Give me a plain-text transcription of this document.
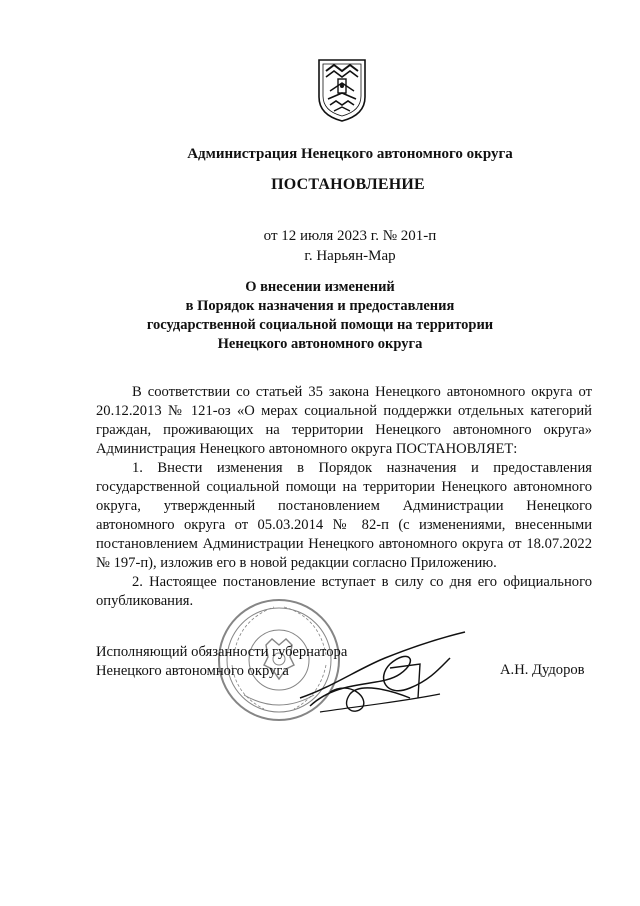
Администрация Ненецкого автономного округа
ПОСТАНОВЛЕНИЕ
от 12 июля 2023 г. № 201-п
г. Нарьян-Мар
О внесении изменений
в Порядок назначения и предоставления
государственной социальной помощи на территории
Ненецкого автономного округа

В соответствии со статьей 35 закона Ненецкого автономного округа от 20.12.2013 № 121-оз «О мерах социальной поддержки отдельных категорий граждан, проживающих на территории Ненецкого автономного округа» Администрация Ненецкого автономного округа ПОСТАНОВЛЯЕТ:

1. Внести изменения в Порядок назначения и предоставления государственной социальной помощи на территории Ненецкого автономного округа, утвержденный постановлением Администрации Ненецкого автономного округа от 05.03.2014 № 82-п (с изменениями, внесенными постановлением Администрации Ненецкого автономного округа от 18.07.2022 № 197-п), изложив его в новой редакции согласно Приложению.

2. Настоящее постановление вступает в силу со дня его официального опубликования.

Исполняющий обязанности губернатора
Ненецкого автономного округа	А.Н. Дудоров
